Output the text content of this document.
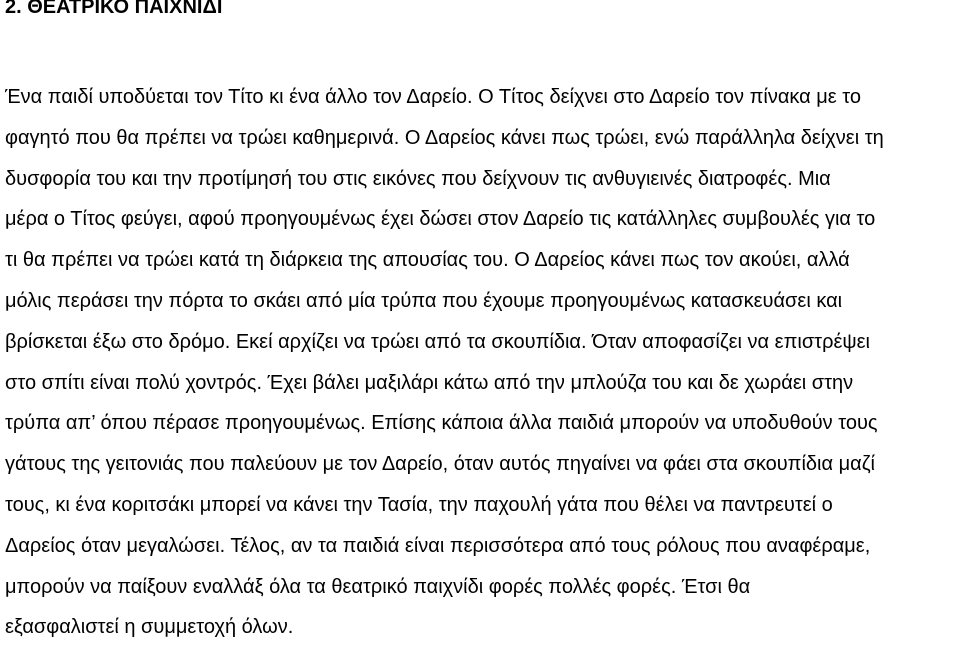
2. ΘΕΑΤΡΙΚΟ ΠΑΙΧΝΙΔΙ
Ένα παιδί υποδύεται τον Τίτο κι ένα άλλο τον Δαρείο. Ο Τίτος δείχνει στο Δαρείο τον πίνακα με το
φαγητό που θα πρέπει να τρώει καθημερινά. Ο Δαρείος κάνει πως τρώει, ενώ παράλληλα δείχνει τη
δυσφορία του και την προτίμησή του στις εικόνες που δείχνουν τις ανθυγιεινές διατροφές. Μια
μέρα ο Τίτος φεύγει, αφού προηγουμένως έχει δώσει στον Δαρείο τις κατάλληλες συμβουλές για το
τι θα πρέπει να τρώει κατά τη διάρκεια της απουσίας του. Ο Δαρείος κάνει πως τον ακούει, αλλά
μόλις περάσει την πόρτα το σκάει από μία τρύπα που έχουμε προηγουμένως κατασκευάσει και
βρίσκεται έξω στο δρόμο. Εκεί αρχίζει να τρώει από τα σκουπίδια. Όταν αποφασίζει να επιστρέψει
στο σπίτι είναι πολύ χοντρός. Έχει βάλει μαξιλάρι κάτω από την μπλούζα του και δε χωράει στην
τρύπα απ’ όπου πέρασε προηγουμένως. Επίσης κάποια άλλα παιδιά μπορούν να υποδυθούν τους
γάτους της γειτονιάς που παλεύουν με τον Δαρείο, όταν αυτός πηγαίνει να φάει στα σκουπίδια μαζί
τους, κι ένα κοριτσάκι μπορεί να κάνει την Τασία, την παχουλή γάτα που θέλει να παντρευτεί ο
Δαρείος όταν μεγαλώσει. Τέλος, αν τα παιδιά είναι περισσότερα από τους ρόλους που αναφέραμε,
μπορούν να παίξουν εναλλάξ όλα τα θεατρικό παιχνίδι φορές πολλές φορές. Έτσι θα
εξασφαλιστεί η συμμετοχή όλων.
